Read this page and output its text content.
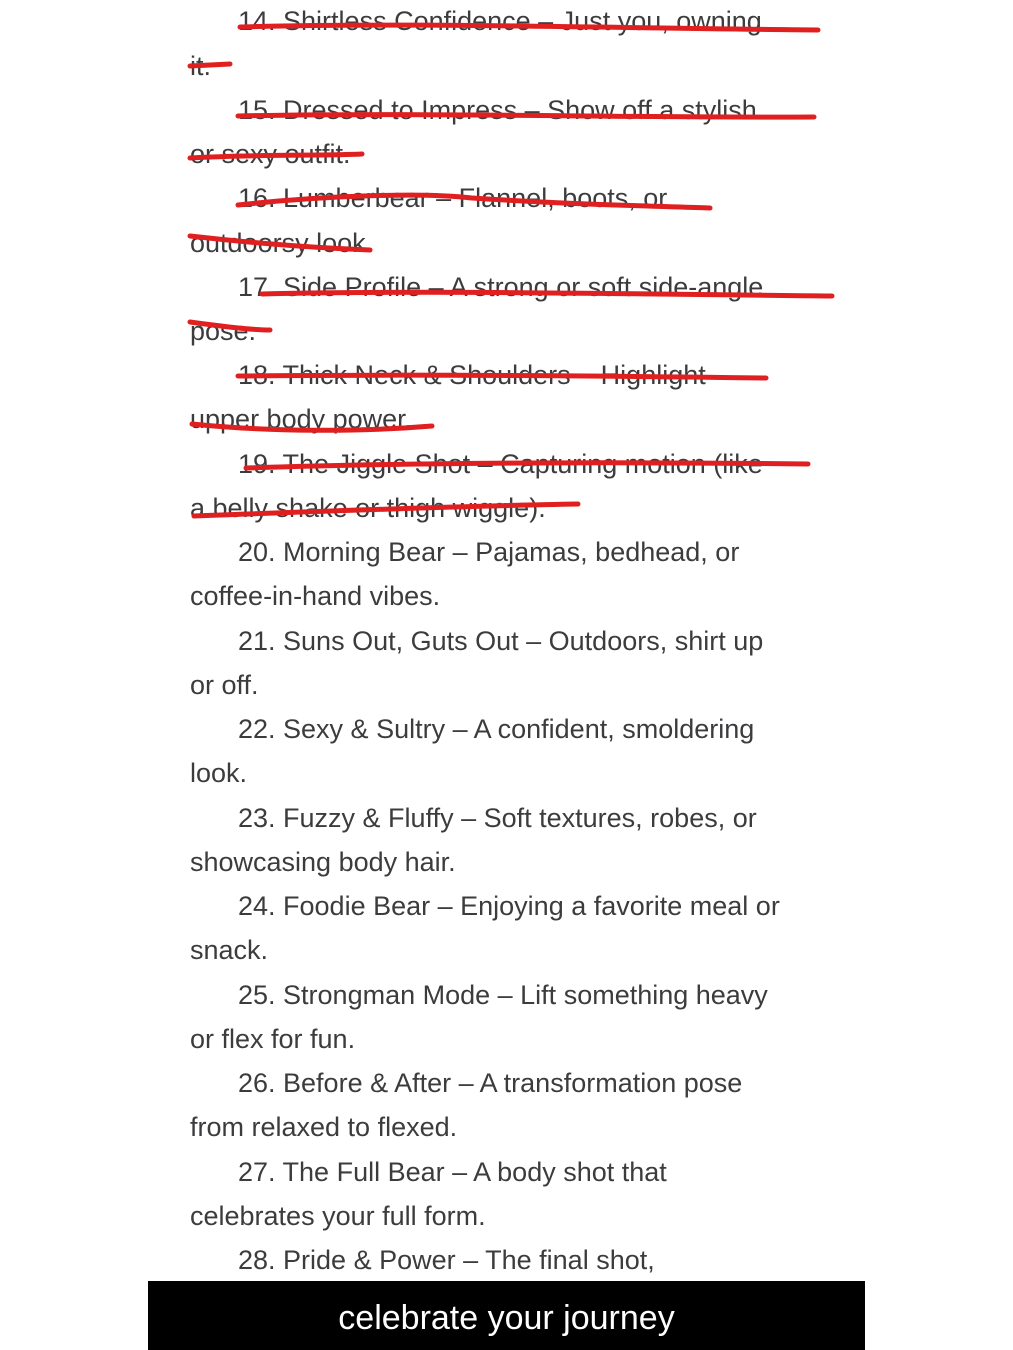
14. Shirtless Confidence – Just you, owning
it.
15. Dressed to Impress – Show off a stylish
or sexy outfit.
16. Lumberbear – Flannel, boots, or
outdoorsy look.
17. Side Profile – A strong or soft side-angle
pose.
18. Thick Neck & Shoulders – Highlight
upper body power.
19. The Jiggle Shot – Capturing motion (like
a belly shake or thigh wiggle).
20. Morning Bear – Pajamas, bedhead, or
coffee-in-hand vibes.
21. Suns Out, Guts Out – Outdoors, shirt up
or off.
22. Sexy & Sultry – A confident, smoldering
look.
23. Fuzzy & Fluffy – Soft textures, robes, or
showcasing body hair.
24. Foodie Bear – Enjoying a favorite meal or
snack.
25. Strongman Mode – Lift something heavy
or flex for fun.
26. Before & After – A transformation pose
from relaxed to flexed.
27. The Full Bear – A body shot that
celebrates your full form.
28. Pride & Power – The final shot,
celebrate your journey
